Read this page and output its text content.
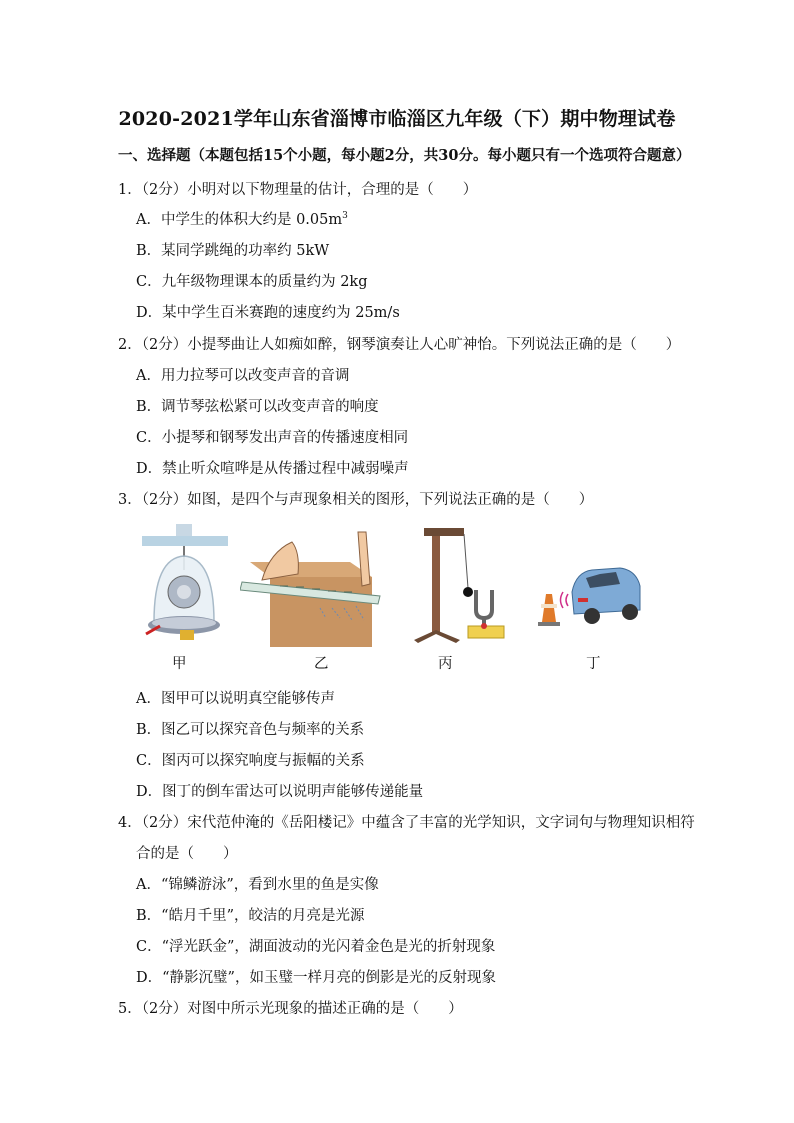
2020-2021学年山东省淄博市临淄区九年级（下）期中物理试卷
一、选择题（本题包括15个小题，每小题2分，共30分。每小题只有一个选项符合题意）
1．（2分）小明对以下物理量的估计，合理的是（　　）
A．中学生的体积大约是 $0.05m^3$
B．某同学跳绳的功率约 5kW
C．九年级物理课本的质量约为 2kg
D．某中学生百米赛跑的速度约为 25m/s
2．（2分）小提琴曲让人如痴如醉，钢琴演奏让人心旷神怡。下列说法正确的是（　　）
A．用力拉琴可以改变声音的音调
B．调节琴弦松紧可以改变声音的响度
C．小提琴和钢琴发出声音的传播速度相同
D．禁止听众喧哗是从传播过程中减弱噪声
3．（2分）如图，是四个与声现象相关的图形，下列说法正确的是（　　）
甲	乙	丙	丁
A．图甲可以说明真空能够传声
B．图乙可以探究音色与频率的关系
C．图丙可以探究响度与振幅的关系
D．图丁的倒车雷达可以说明声能够传递能量
4．（2分）宋代范仲淹的《岳阳楼记》中蕴含了丰富的光学知识，文字词句与物理知识相符
合的是（　　）
A．“锦鳞游泳”，看到水里的鱼是实像
B．“皓月千里”，皎洁的月亮是光源
C．“浮光跃金”，湖面波动的光闪着金色是光的折射现象
D．“静影沉璧”，如玉璧一样月亮的倒影是光的反射现象
5．（2分）对图中所示光现象的描述正确的是（　　）
